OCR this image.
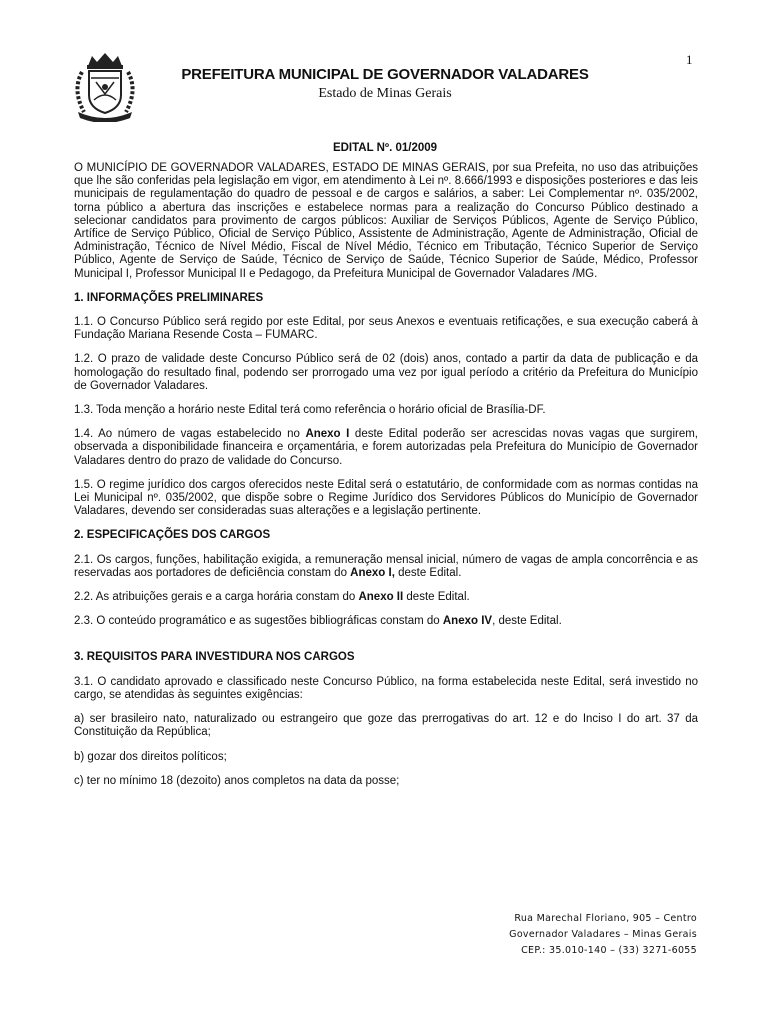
1
PREFEITURA MUNICIPAL DE GOVERNADOR VALADARES
Estado de Minas Gerais
EDITAL Nº. 01/2009

O MUNICÍPIO DE GOVERNADOR VALADARES, ESTADO DE MINAS GERAIS, por sua Prefeita, no uso das atribuições que lhe são conferidas pela legislação em vigor, em atendimento à Lei nº. 8.666/1993 e disposições posteriores e das leis municipais de regulamentação do quadro de pessoal e de cargos e salários, a saber: Lei Complementar nº. 035/2002, torna público a abertura das inscrições e estabelece normas para a realização do Concurso Público destinado a selecionar candidatos para provimento de cargos públicos: Auxiliar de Serviços Públicos, Agente de Serviço Público, Artífice de Serviço Público, Oficial de Serviço Público, Assistente de Administração, Agente de Administração, Oficial de Administração, Técnico de Nível Médio, Fiscal de Nível Médio, Técnico em Tributação, Técnico Superior de Serviço Público, Agente de Serviço de Saúde, Técnico de Serviço de Saúde, Técnico Superior de Saúde, Médico, Professor Municipal I, Professor Municipal II e Pedagogo, da Prefeitura Municipal de Governador Valadares /MG.

1. INFORMAÇÕES PRELIMINARES

1.1. O Concurso Público será regido por este Edital, por seus Anexos e eventuais retificações, e sua execução caberá à Fundação Mariana Resende Costa – FUMARC.

1.2. O prazo de validade deste Concurso Público será de 02 (dois) anos, contado a partir da data de publicação e da homologação do resultado final, podendo ser prorrogado uma vez por igual período a critério da Prefeitura do Município de Governador Valadares.

1.3. Toda menção a horário neste Edital terá como referência o horário oficial de Brasília-DF.

1.4. Ao número de vagas estabelecido no Anexo I deste Edital poderão ser acrescidas novas vagas que surgirem, observada a disponibilidade financeira e orçamentária, e forem autorizadas pela Prefeitura do Município de Governador Valadares dentro do prazo de validade do Concurso.

1.5. O regime jurídico dos cargos oferecidos neste Edital será o estatutário, de conformidade com as normas contidas na Lei Municipal nº. 035/2002, que dispõe sobre o Regime Jurídico dos Servidores Públicos do Município de Governador Valadares, devendo ser consideradas suas alterações e a legislação pertinente.

2. ESPECIFICAÇÕES DOS CARGOS

2.1. Os cargos, funções, habilitação exigida, a remuneração mensal inicial, número de vagas de ampla concorrência e as reservadas aos portadores de deficiência constam do Anexo I, deste Edital.

2.2. As atribuições gerais e a carga horária constam do Anexo II deste Edital.

2.3. O conteúdo programático e as sugestões bibliográficas constam do Anexo IV, deste Edital.

3. REQUISITOS PARA INVESTIDURA NOS CARGOS

3.1. O candidato aprovado e classificado neste Concurso Público, na forma estabelecida neste Edital, será investido no cargo, se atendidas às seguintes exigências:

a) ser brasileiro nato, naturalizado ou estrangeiro que goze das prerrogativas do art. 12 e do Inciso I do art. 37 da Constituição da República;

b) gozar dos direitos políticos;

c) ter no mínimo 18 (dezoito) anos completos na data da posse;

Rua Marechal Floriano, 905 – Centro
Governador Valadares – Minas Gerais
CEP.: 35.010-140 – (33) 3271-6055
